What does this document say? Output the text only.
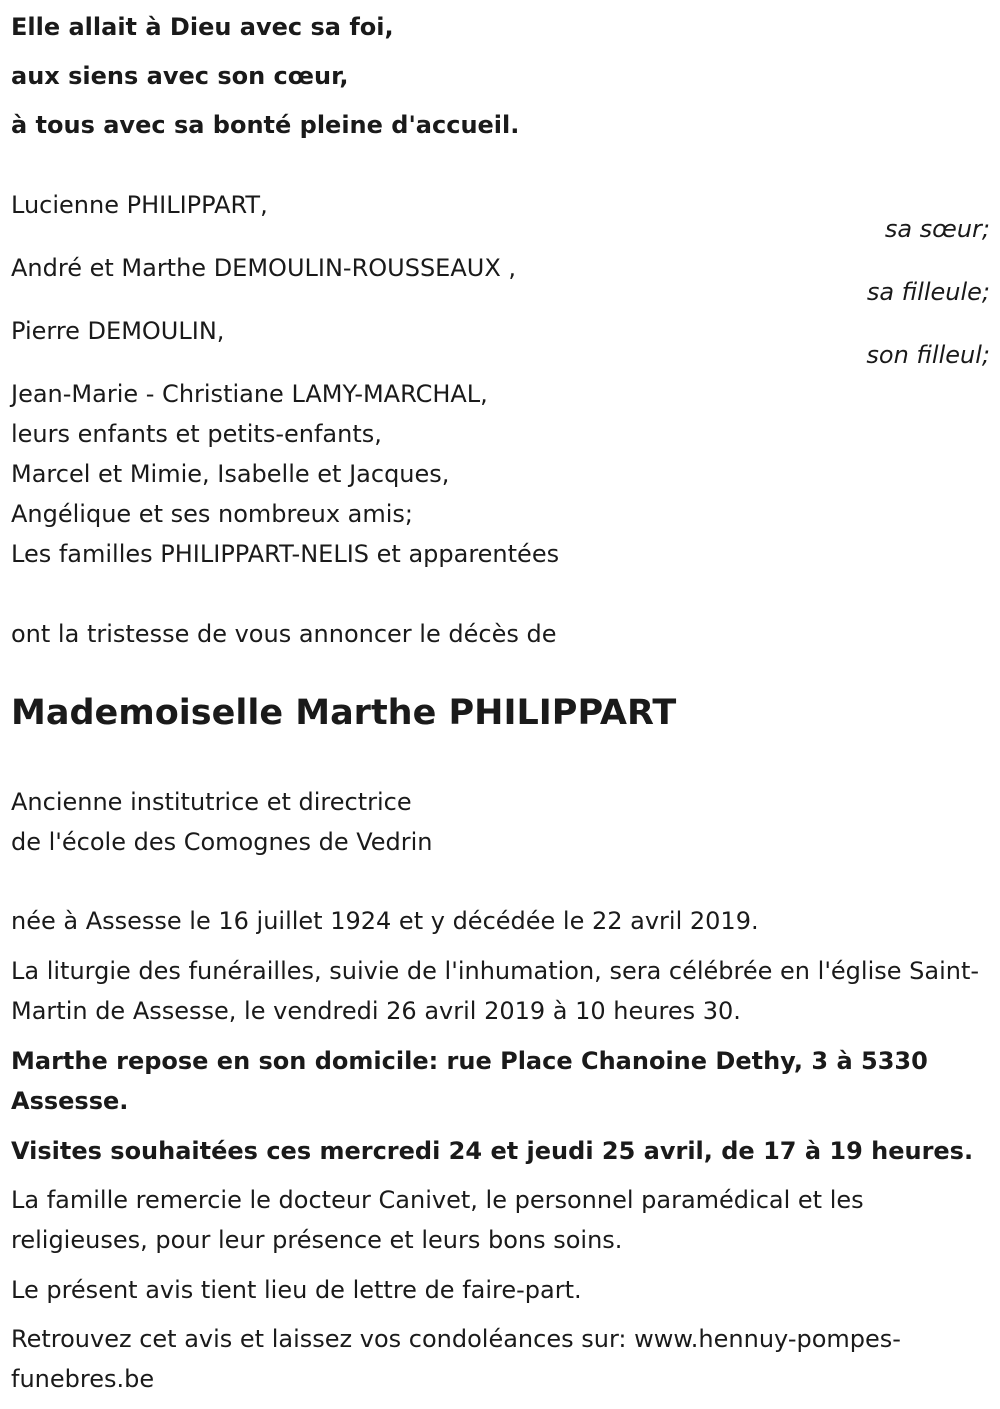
Elle allait à Dieu avec sa foi,
aux siens avec son cœur,
à tous avec sa bonté pleine d'accueil.
Lucienne PHILIPPART,
sa sœur;
André et Marthe DEMOULIN-ROUSSEAUX ,
sa filleule;
Pierre DEMOULIN,
son filleul;
Jean-Marie - Christiane LAMY-MARCHAL,
leurs enfants et petits-enfants,
Marcel et Mimie, Isabelle et Jacques,
Angélique et ses nombreux amis;
Les familles PHILIPPART-NELIS et apparentées
ont la tristesse de vous annoncer le décès de
Mademoiselle Marthe PHILIPPART
Ancienne institutrice et directrice
de l'école des Comognes de Vedrin
née à Assesse le 16 juillet 1924 et y décédée le 22 avril 2019.
La liturgie des funérailles, suivie de l'inhumation, sera célébrée en l'église Saint-Martin de Assesse, le vendredi 26 avril 2019 à 10 heures 30.
Marthe repose en son domicile: rue Place Chanoine Dethy, 3 à 5330 Assesse.
Visites souhaitées ces mercredi 24 et jeudi 25 avril, de 17 à 19 heures.
La famille remercie le docteur Canivet, le personnel paramédical et les religieuses, pour leur présence et leurs bons soins.
Le présent avis tient lieu de lettre de faire-part.
Retrouvez cet avis et laissez vos condoléances sur: www.hennuy-pompes-funebres.be
